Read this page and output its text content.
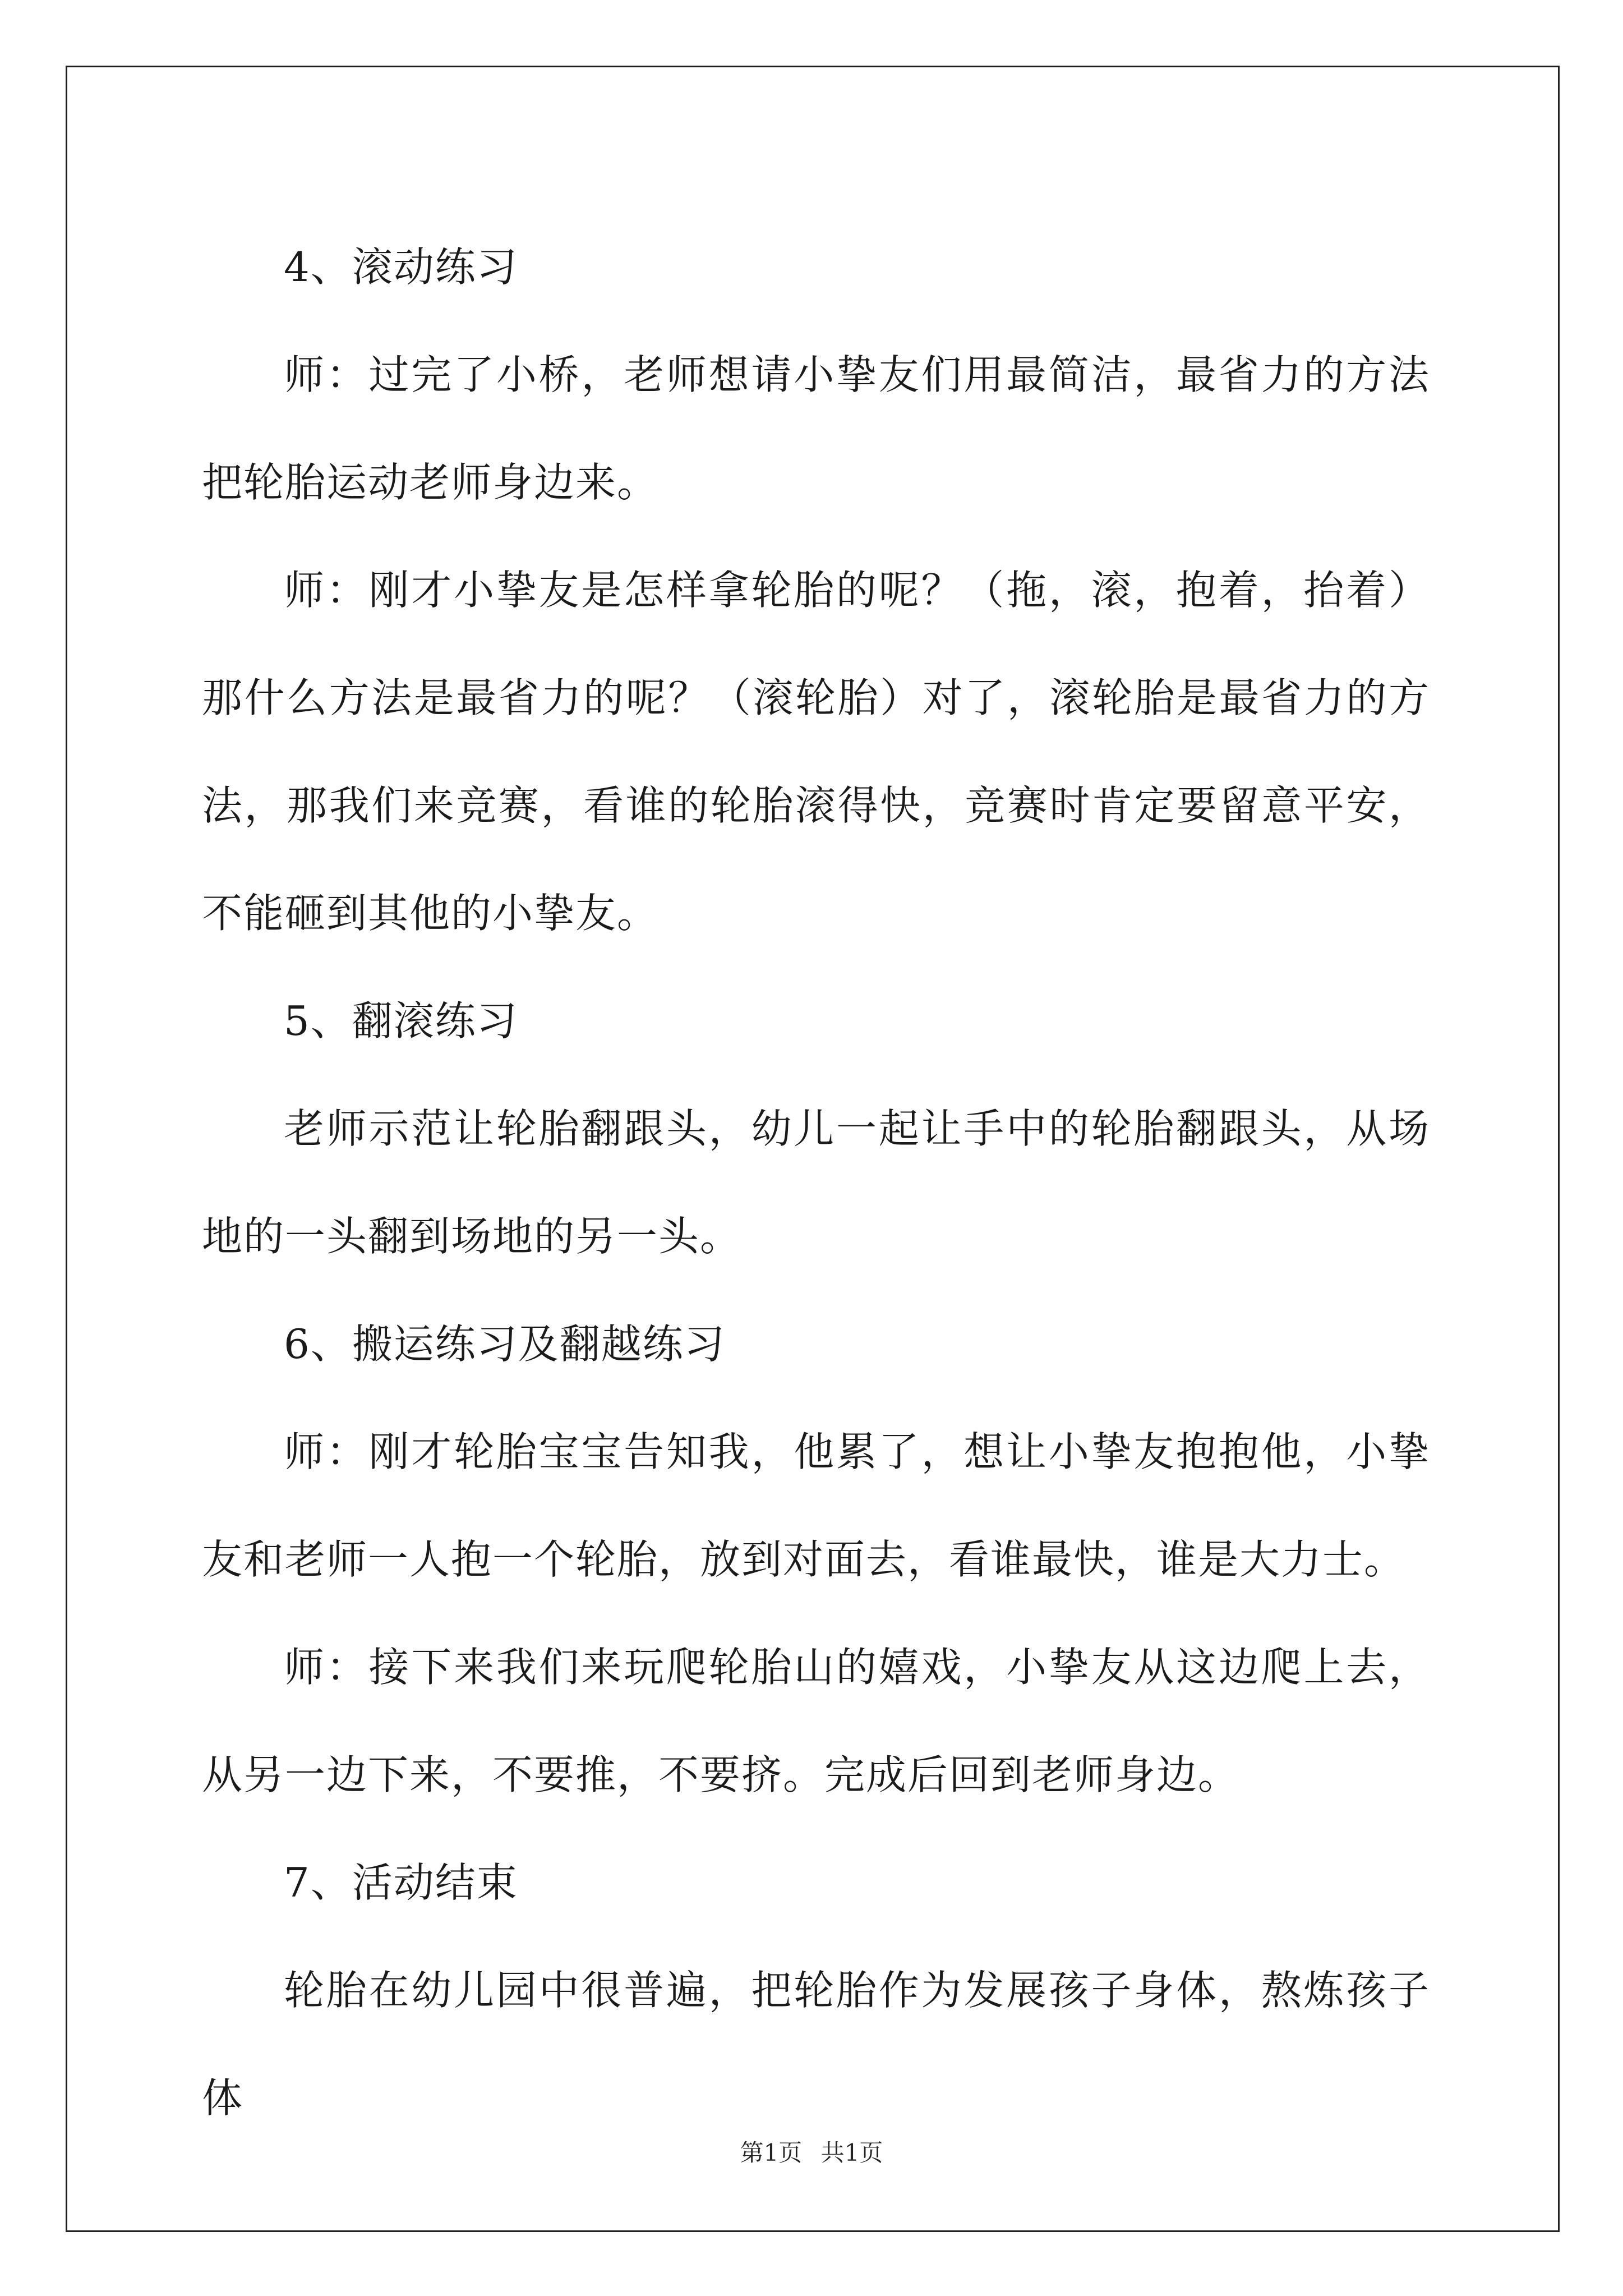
4、滚动练习

师：过完了小桥，老师想请小挚友们用最简洁，最省力的方法把轮胎运动老师身边来。

师：刚才小挚友是怎样拿轮胎的呢？（拖，滚，抱着，抬着）那什么方法是最省力的呢？（滚轮胎）对了，滚轮胎是最省力的方法，那我们来竞赛，看谁的轮胎滚得快，竞赛时肯定要留意平安，不能砸到其他的小挚友。

5、翻滚练习

老师示范让轮胎翻跟头，幼儿一起让手中的轮胎翻跟头，从场地的一头翻到场地的另一头。

6、搬运练习及翻越练习

师：刚才轮胎宝宝告知我，他累了，想让小挚友抱抱他，小挚友和老师一人抱一个轮胎，放到对面去，看谁最快，谁是大力士。

师：接下来我们来玩爬轮胎山的嬉戏，小挚友从这边爬上去，从另一边下来，不要推，不要挤。完成后回到老师身边。

7、活动结束

轮胎在幼儿园中很普遍，把轮胎作为发展孩子身体，熬炼孩子体

第1页 共1页
